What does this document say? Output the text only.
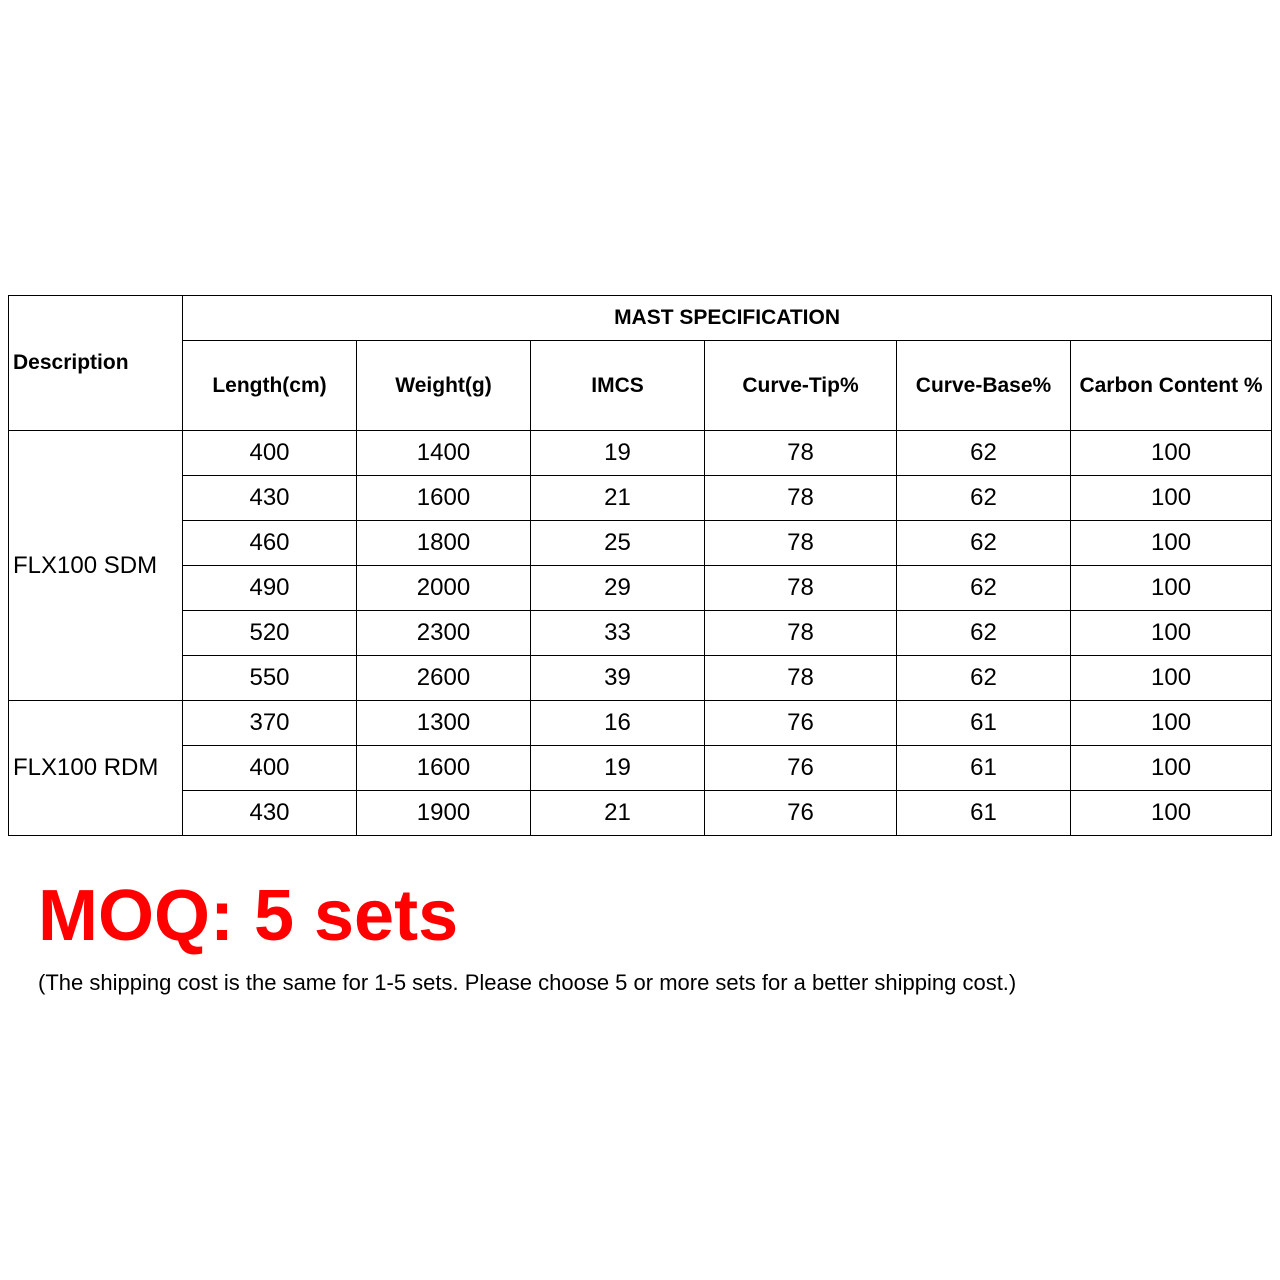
Description	MAST SPECIFICATION					
	Length(cm)	Weight(g)	IMCS	Curve-Tip%	Curve-Base%	Carbon Content %
FLX100 SDM	400	1400	19	78	62	100
	430	1600	21	78	62	100
	460	1800	25	78	62	100
	490	2000	29	78	62	100
	520	2300	33	78	62	100
	550	2600	39	78	62	100
FLX100 RDM	370	1300	16	76	61	100
	400	1600	19	76	61	100
	430	1900	21	76	61	100
MOQ: 5 sets
(The shipping cost is the same for 1-5 sets. Please choose 5 or more sets for a better shipping cost.)
